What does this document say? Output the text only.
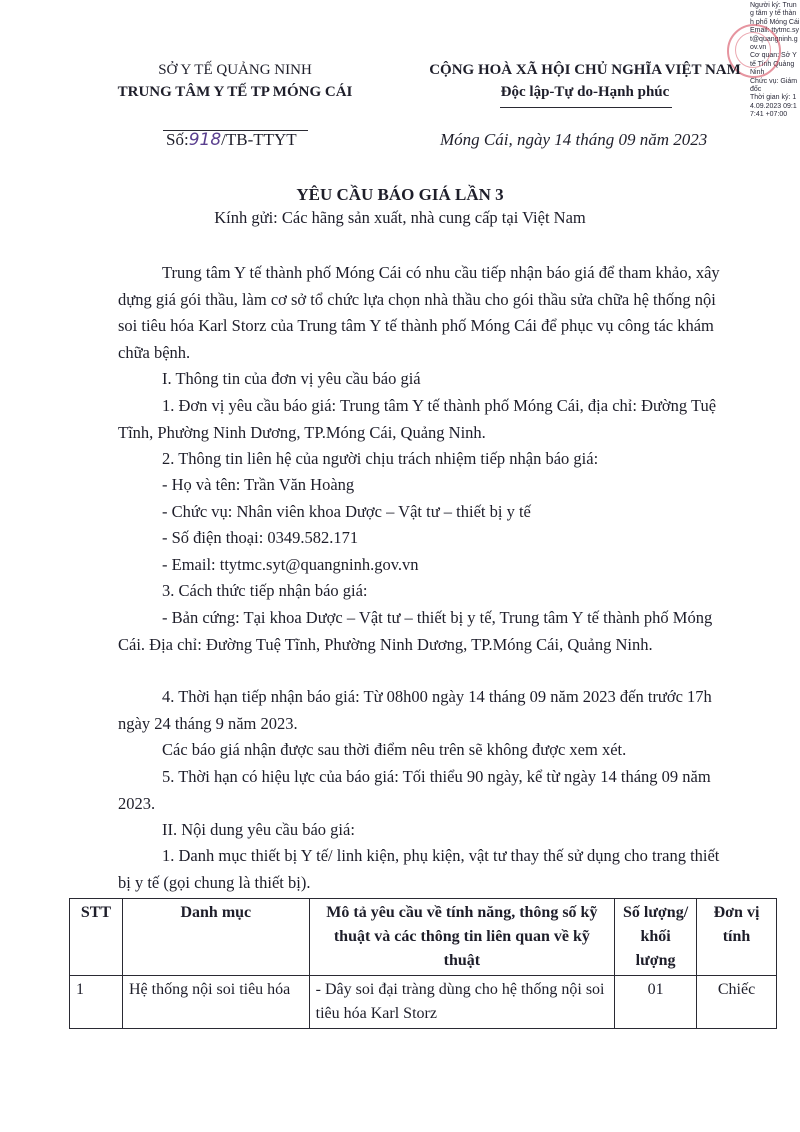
Người ký: Trung tâm y tế thành phố Móng Cái
Email: ttytmc.syt@quangninh.gov.vn
Cơ quan: Sở Y tế Tỉnh Quảng Ninh
Chức vụ: Giám đốc
Thời gian ký: 14.09.2023 09:17:41 +07:00
SỞ Y TẾ QUẢNG NINH
TRUNG TÂM Y TẾ TP MÓNG CÁI
Số:918/TB-TTYT
CỘNG HOÀ XÃ HỘI CHỦ NGHĨA VIỆT NAM
Độc lập-Tự do-Hạnh phúc
Móng Cái, ngày 14 tháng 09 năm 2023
YÊU CẦU BÁO GIÁ LẦN 3
Kính gửi: Các hãng sản xuất, nhà cung cấp tại Việt Nam
Trung tâm Y tế thành phố Móng Cái có nhu cầu tiếp nhận báo giá để tham khảo, xây dựng giá gói thầu, làm cơ sở tổ chức lựa chọn nhà thầu cho gói thầu sửa chữa hệ thống nội soi tiêu hóa Karl Storz của Trung tâm Y tế thành phố Móng Cái để phục vụ công tác khám chữa bệnh.
I. Thông tin của đơn vị yêu cầu báo giá
1. Đơn vị yêu cầu báo giá: Trung tâm Y tế thành phố Móng Cái, địa chỉ: Đường Tuệ Tĩnh, Phường Ninh Dương, TP.Móng Cái, Quảng Ninh.
2. Thông tin liên hệ của người chịu trách nhiệm tiếp nhận báo giá:
- Họ và tên: Trần Văn Hoàng
- Chức vụ: Nhân viên khoa Dược – Vật tư – thiết bị y tế
- Số điện thoại: 0349.582.171
- Email: ttytmc.syt@quangninh.gov.vn
3. Cách thức tiếp nhận báo giá:
- Bản cứng: Tại khoa Dược – Vật tư – thiết bị y tế, Trung tâm Y tế thành phố Móng Cái. Địa chỉ: Đường Tuệ Tĩnh, Phường Ninh Dương, TP.Móng Cái, Quảng Ninh.
4. Thời hạn tiếp nhận báo giá: Từ 08h00 ngày 14 tháng 09 năm 2023 đến trước 17h ngày 24 tháng 9 năm 2023.
Các báo giá nhận được sau thời điểm nêu trên sẽ không được xem xét.
5. Thời hạn có hiệu lực của báo giá: Tối thiểu 90 ngày, kể từ ngày 14 tháng 09 năm 2023.
II. Nội dung yêu cầu báo giá:
1. Danh mục thiết bị Y tế/ linh kiện, phụ kiện, vật tư thay thế sử dụng cho trang thiết bị y tế (gọi chung là thiết bị).
STT	Danh mục	Mô tả yêu cầu về tính năng, thông số kỹ thuật và các thông tin liên quan về kỹ thuật	Số lượng/ khối lượng	Đơn vị tính
1	Hệ thống nội soi tiêu hóa	- Dây soi đại tràng dùng cho hệ thống nội soi tiêu hóa Karl Storz	01	Chiếc
